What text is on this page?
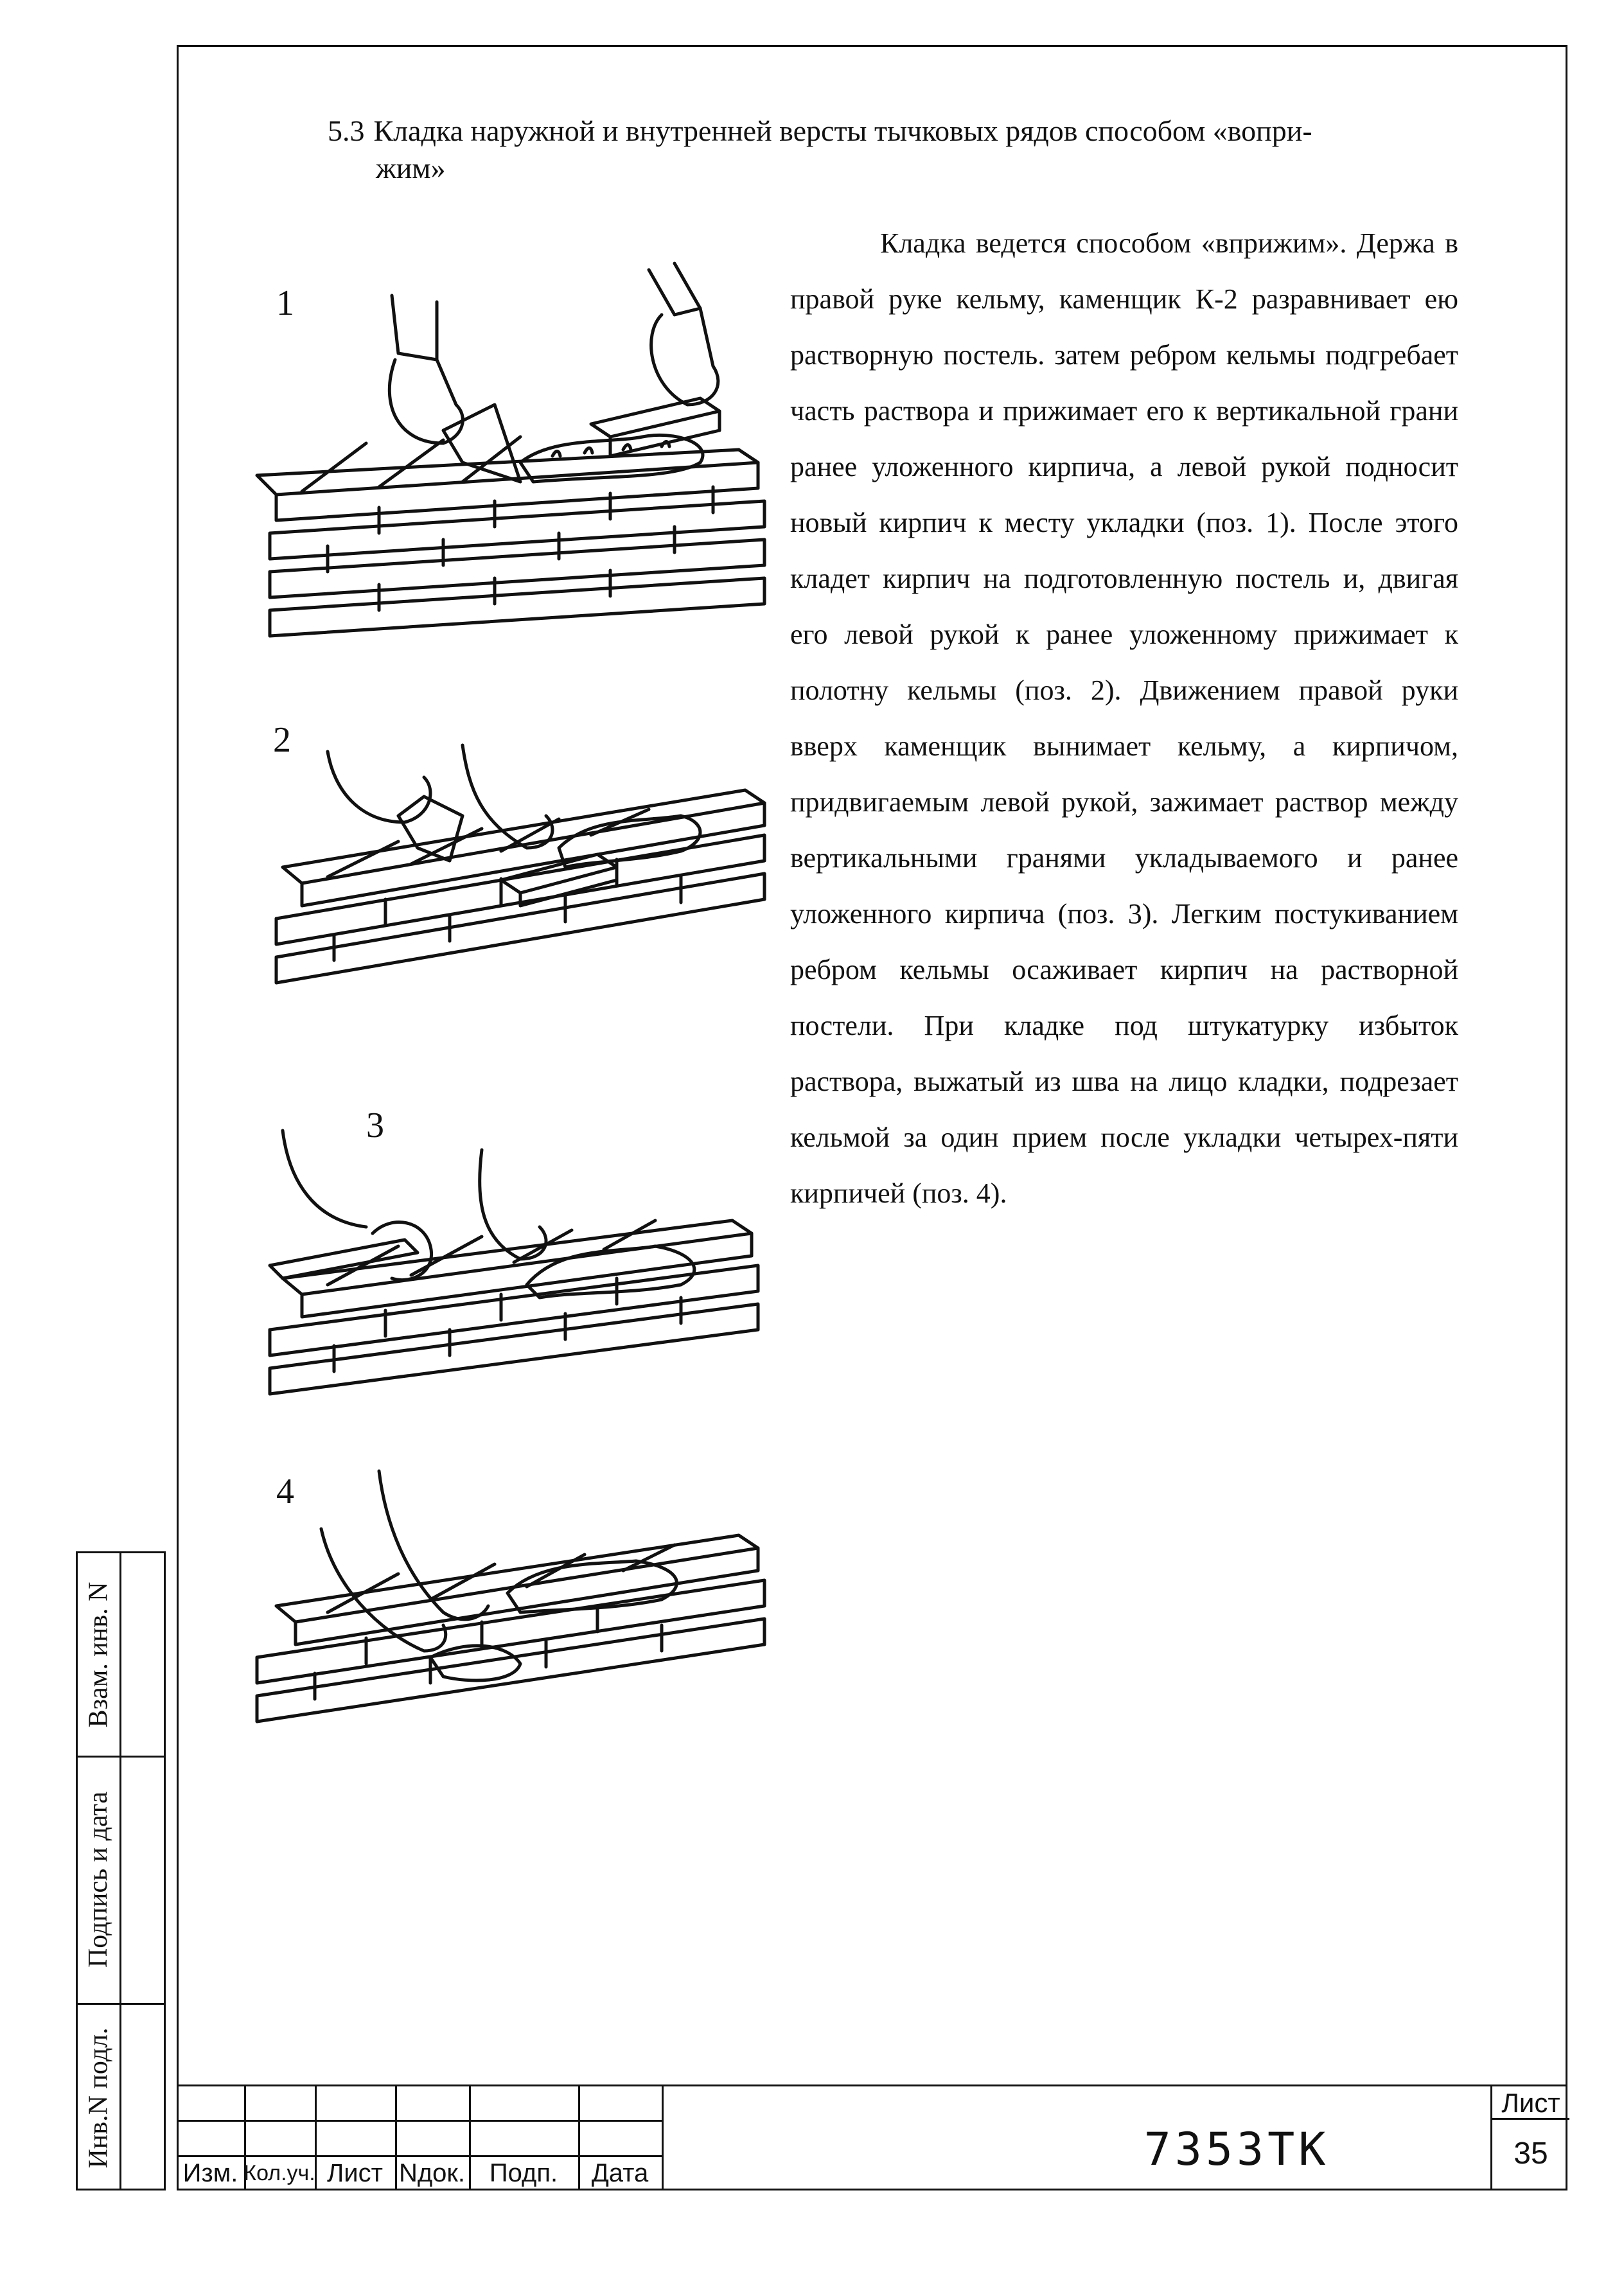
Взам. инв. N
Подпись и дата
Инв.N подл.
5.3 Кладка наружной и внутренней версты тычковых рядов способом «вопри-
жим»

Кладка ведется способом «вприжим». Держа в правой руке кельму, каменщик К-2 разравнивает ею растворную постель. затем ребром кельмы подгребает часть раствора и прижимает его к вертикальной грани ранее уложенного кирпича, а левой рукой подносит новый кирпич к месту укладки (поз. 1). После этого кладет кирпич на подготовленную постель и, двигая его левой рукой к ранее уложенному прижимает к полотну кельмы (поз. 2). Движением правой руки вверх каменщик вынимает кельму, а кирпичом, придвигаемым левой рукой, зажимает раствор между вертикальными гранями укладываемого и ранее уложенного кирпича (поз. 3). Легким постукиванием ребром кельмы осаживает кирпич на растворной постели. При кладке под штукатурку избыток раствора, выжатый из шва на лицо кладки, подрезает кельмой за один прием после укладки четырех-пяти кирпичей (поз. 4).

1
2
3
4
Изм. Кол.уч. Лист Nдок. Подп.	Дата	7353ТК
Лист
35
